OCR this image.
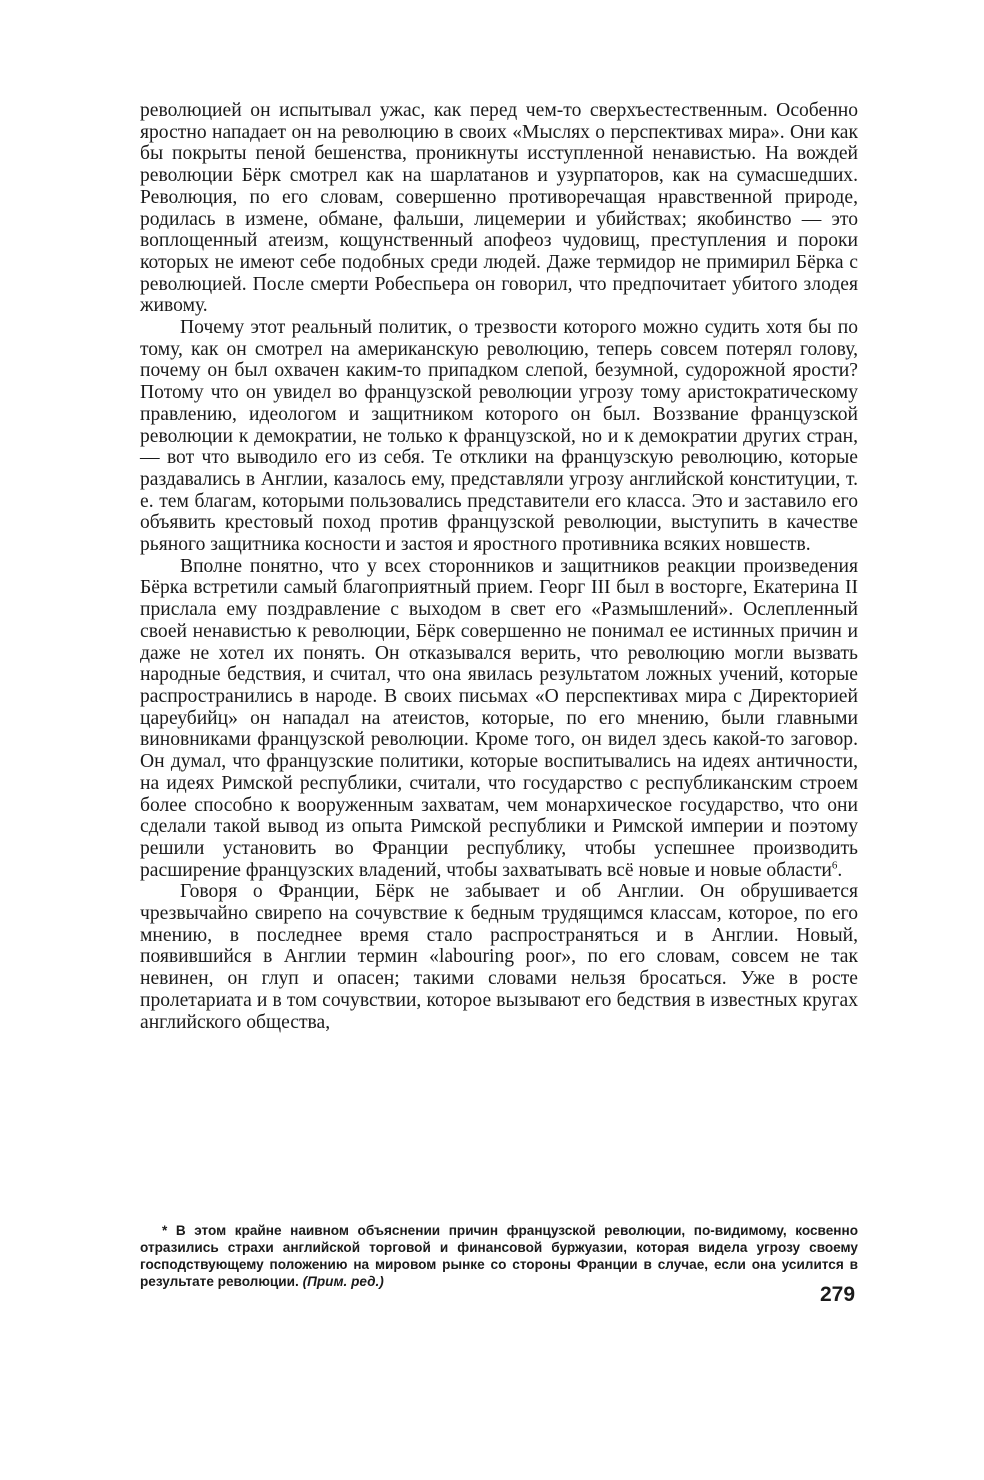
революцией он испытывал ужас, как перед чем-то сверхъестественным. Особенно яростно нападает он на революцию в своих «Мыслях о перспективах мира». Они как бы покрыты пеной бешенства, проникнуты исступленной ненавистью. На вождей революции Бёрк смотрел как на шарлатанов и узурпаторов, как на сумасшедших. Революция, по его словам, совершенно противоречащая нравственной природе, родилась в измене, обмане, фальши, лицемерии и убийствах; якобинство — это воплощенный атеизм, кощунственный апофеоз чудовищ, преступления и пороки которых не имеют себе подобных среди людей. Даже термидор не примирил Бёрка с революцией. После смерти Робеспьера он говорил, что предпочитает убитого злодея живому.

Почему этот реальный политик, о трезвости которого можно судить хотя бы по тому, как он смотрел на американскую революцию, теперь совсем потерял голову, почему он был охвачен каким-то припадком слепой, безумной, судорожной ярости? Потому что он увидел во французской революции угрозу тому аристократическому правлению, идеологом и защитником которого он был. Воззвание французской революции к демократии, не только к французской, но и к демократии других стран,— вот что выводило его из себя. Те отклики на французскую революцию, которые раздавались в Англии, казалось ему, представляли угрозу английской конституции, т. е. тем благам, которыми пользовались представители его класса. Это и заставило его объявить крестовый поход против французской революции, выступить в качестве рьяного защитника косности и застоя и яростного противника всяких новшеств.

Вполне понятно, что у всех сторонников и защитников реакции произведения Бёрка встретили самый благоприятный прием. Георг III был в восторге, Екатерина II прислала ему поздравление с выходом в свет его «Размышлений». Ослепленный своей ненавистью к революции, Бёрк совершенно не понимал ее истинных причин и даже не хотел их понять. Он отказывался верить, что революцию могли вызвать народные бедствия, и считал, что она явилась результатом ложных учений, которые распространились в народе. В своих письмах «О перспективах мира с Директорией цареубийц» он нападал на атеистов, которые, по его мнению, были главными виновниками французской революции. Кроме того, он видел здесь какой-то заговор. Он думал, что французские политики, которые воспитывались на идеях античности, на идеях Римской республики, считали, что государство с республиканским строем более способно к вооруженным захватам, чем монархическое государство, что они сделали такой вывод из опыта Римской республики и Римской империи и поэтому решили установить во Франции республику, чтобы успешнее производить расширение французских владений, чтобы захватывать всё новые и новые области$^6$.

Говоря о Франции, Бёрк не забывает и об Англии. Он обрушивается чрезвычайно свирепо на сочувствие к бедным трудящимся классам, которое, по его мнению, в последнее время стало распространяться и в Англии. Новый, появившийся в Англии термин «labouring poor», по его словам, совсем не так невинен, он глуп и опасен; такими словами нельзя бросаться. Уже в росте пролетариата и в том сочувствии, которое вызывают его бедствия в известных кругах английского общества,

* В этом крайне наивном объяснении причин французской революции, по-видимому, косвенно отразились страхи английской торговой и финансовой буржуазии, которая видела угрозу своему господствующему положению на мировом рынке со стороны Франции в случае, если она усилится в результате революции. (Прим. ред.)

279
